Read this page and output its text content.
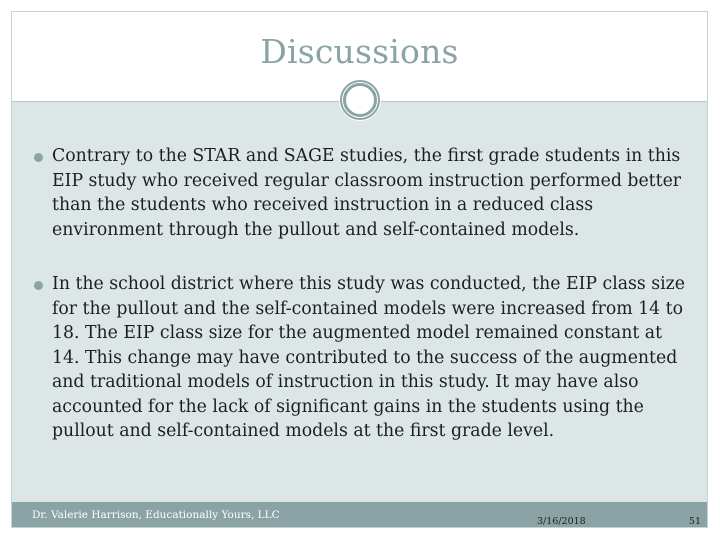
Discussions
Contrary to the STAR and SAGE studies, the first grade students in this EIP study who received regular classroom instruction performed better than the students who received instruction in a reduced class environment through the pullout and self-contained models.
In the school district where this study was conducted, the EIP class size for the pullout and the self-contained models were increased from 14 to 18. The EIP class size for the augmented model remained constant at 14. This change may have contributed to the success of the augmented and traditional models of instruction in this study. It may have also accounted for the lack of significant gains in the students using the pullout and self-contained models at the first grade level.
Dr. Valerie Harrison, Educationally Yours, LLC
3/16/2018	51
